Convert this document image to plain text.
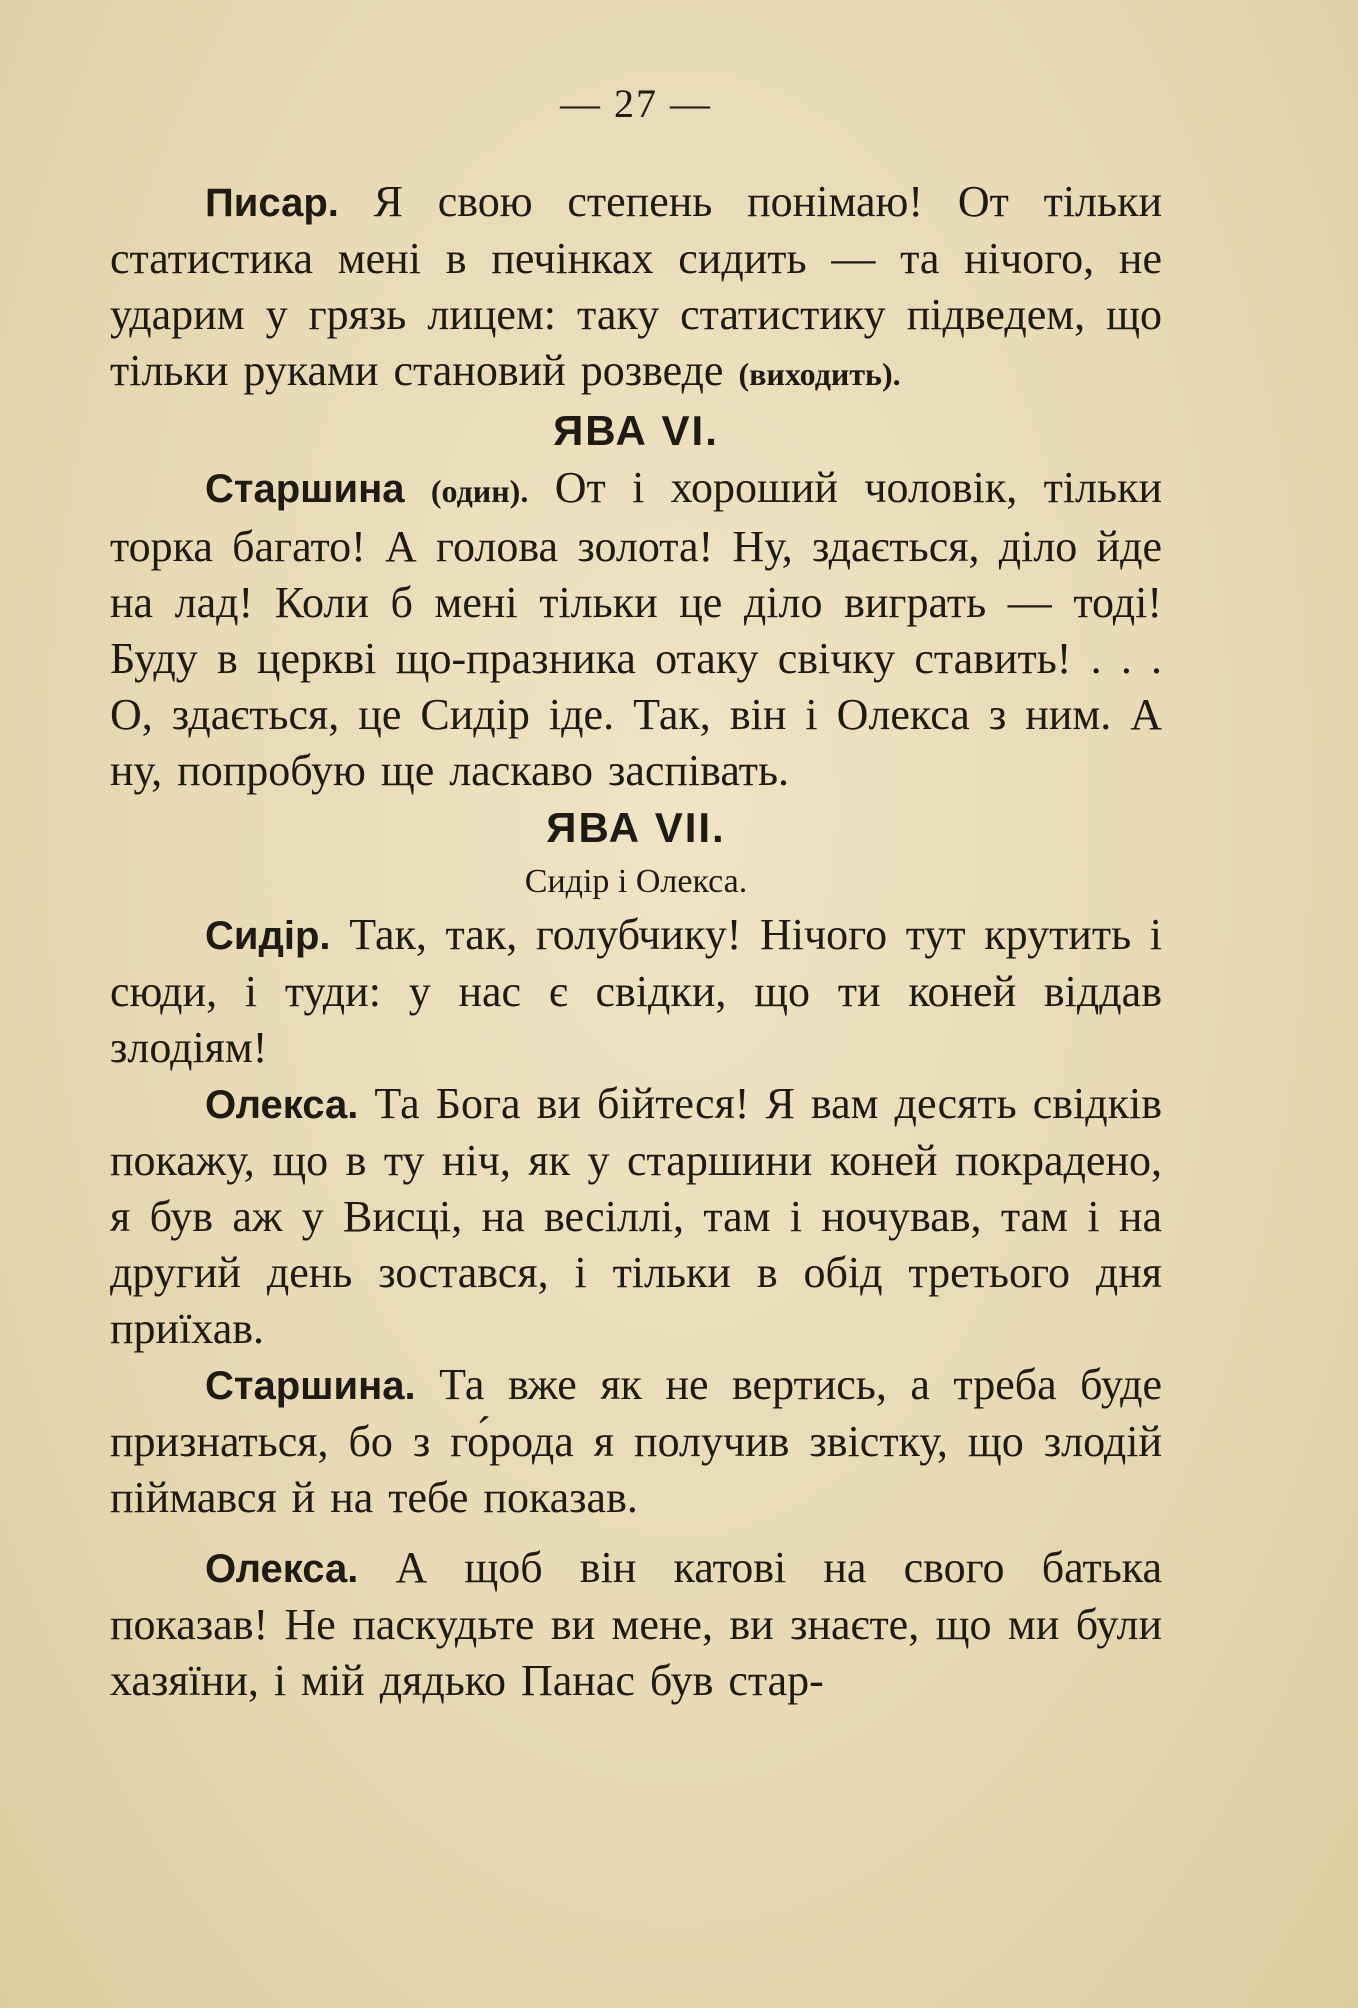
— 27 —

Писар. Я свою степень понімаю! От тільки статистика мені в печінках сидить — та нічого, не ударим у грязь лицем: таку статистику підведем, що тільки руками становий розведе (виходить).

ЯВА VI.

Старшина (один). От і хороший чоловік, тільки торка багато! А голова золота! Ну, здається, діло йде на лад! Коли б мені тільки це діло виграть — тоді! Буду в церкві що-празника отаку свічку ставить! . . . О, здається, це Сидір іде. Так, він і Олекса з ним. А ну, попробую ще ласкаво заспівать.

ЯВА VII.
Сидір і Олекса.

Сидір. Так, так, голубчику! Нічого тут крутить і сюди, і туди: у нас є свідки, що ти коней віддав злодіям!

Олекса. Та Бога ви бійтеся! Я вам десять свідків покажу, що в ту ніч, як у старшини коней покрадено, я був аж у Висці, на весіллі, там і ночував, там і на другий день зостався, і тільки в обід третього дня приїхав.

Старшина. Та вже як не вертись, а треба буде признаться, бо з го́рода я получив звістку, що злодій піймався й на тебе показав.

Олекса. А щоб він катові на свого батька показав! Не паскудьте ви мене, ви знаєте, що ми були хазяїни, і мій дядько Панас був стар-
